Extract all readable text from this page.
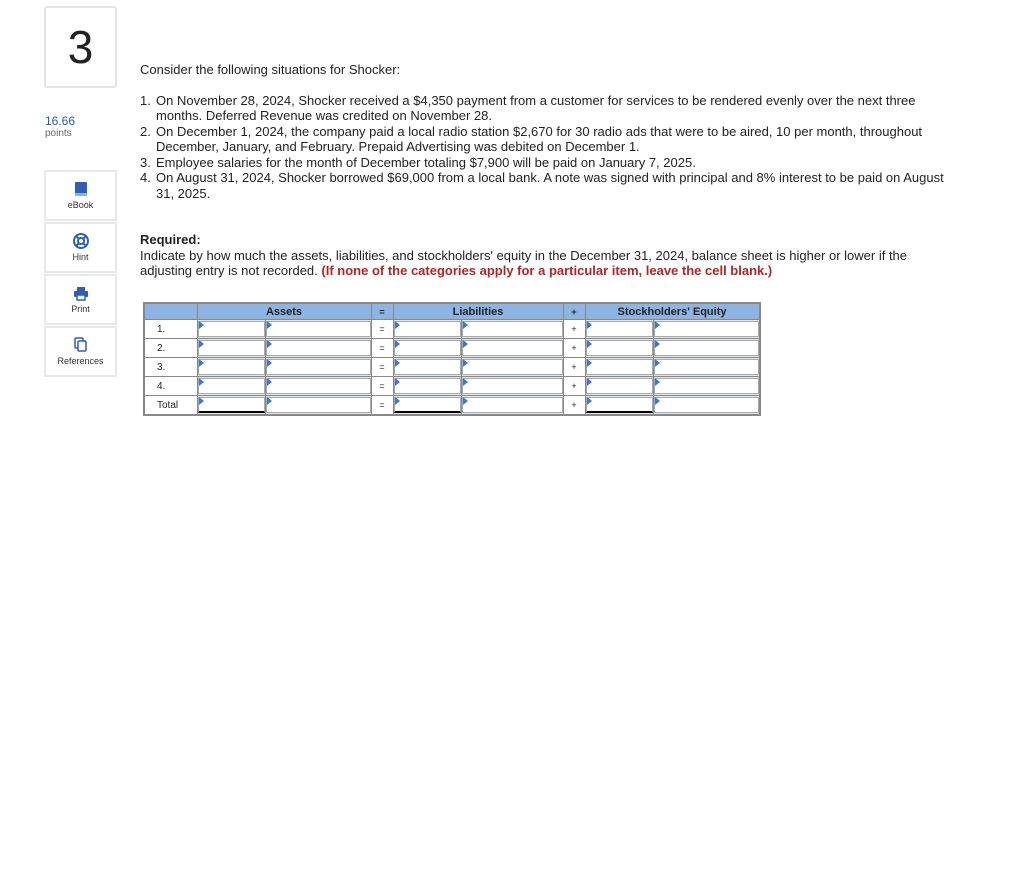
3
16.66
points
eBook
Hint
Print
References

Consider the following situations for Shocker:

1. On November 28, 2024, Shocker received a $4,350 payment from a customer for services to be rendered evenly over the next three months. Deferred Revenue was credited on November 28.
2. On December 1, 2024, the company paid a local radio station $2,670 for 30 radio ads that were to be aired, 10 per month, throughout December, January, and February. Prepaid Advertising was debited on December 1.
3. Employee salaries for the month of December totaling $7,900 will be paid on January 7, 2025.
4. On August 31, 2024, Shocker borrowed $69,000 from a local bank. A note was signed with principal and 8% interest to be paid on August 31, 2025.
Required:
Indicate by how much the assets, liabilities, and stockholders' equity in the December 31, 2024, balance sheet is higher or lower if the adjusting entry is not recorded. (If none of the categories apply for a particular item, leave the cell blank.)
	Assets		=	Liabilities		+	Stockholders' Equity	
1.			=			+		
2.			=			+		
3.			=			+		
4.			=			+		
Total			=			+		
